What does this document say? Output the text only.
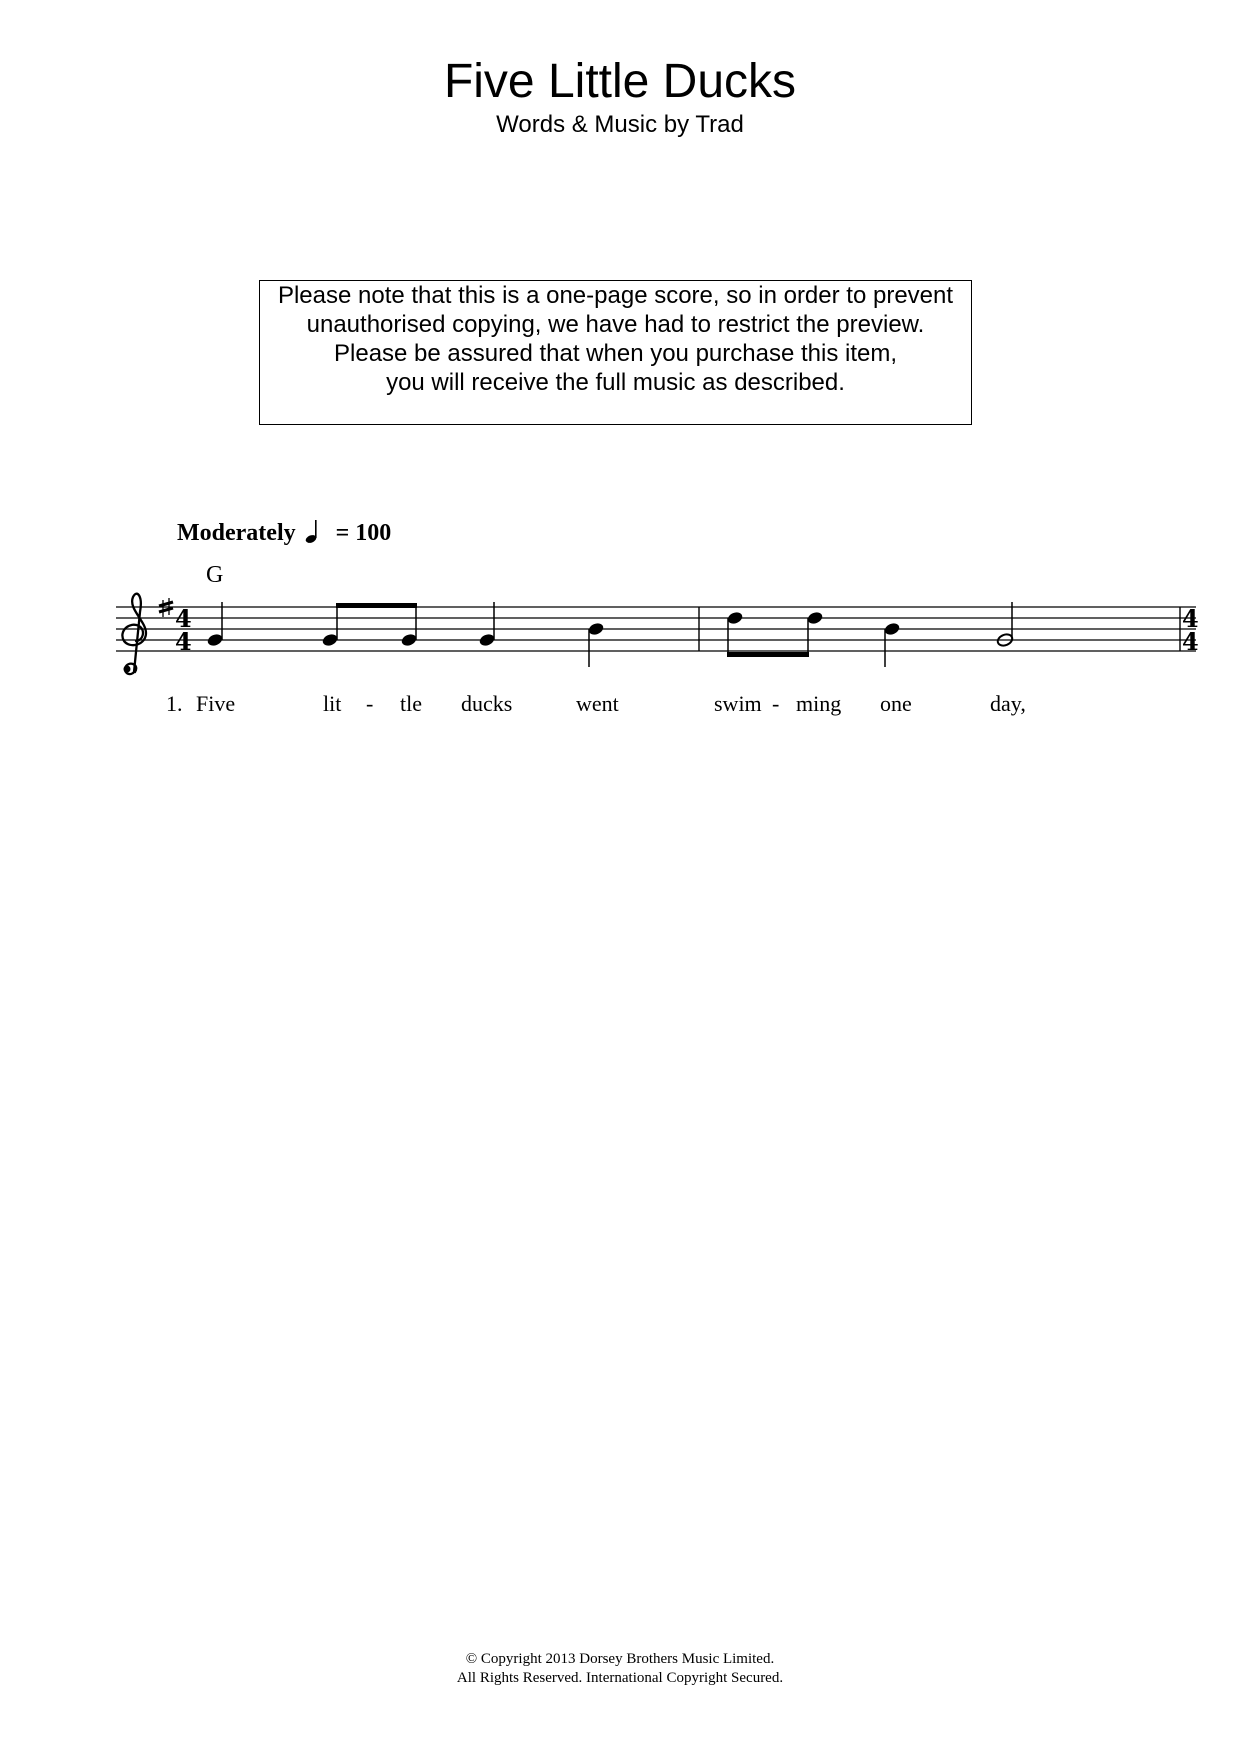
Five Little Ducks
Words & Music by Trad
Please note that this is a one-page score, so in order to prevent
unauthorised copying, we have had to restrict the preview.
Please be assured that when you purchase this item,
you will receive the full music as described.
Moderately = 100
G
4
4
4
4
1. Five	lit - tle ducks	went	swim - ming one	day,
© Copyright 2013 Dorsey Brothers Music Limited.
All Rights Reserved. International Copyright Secured.
